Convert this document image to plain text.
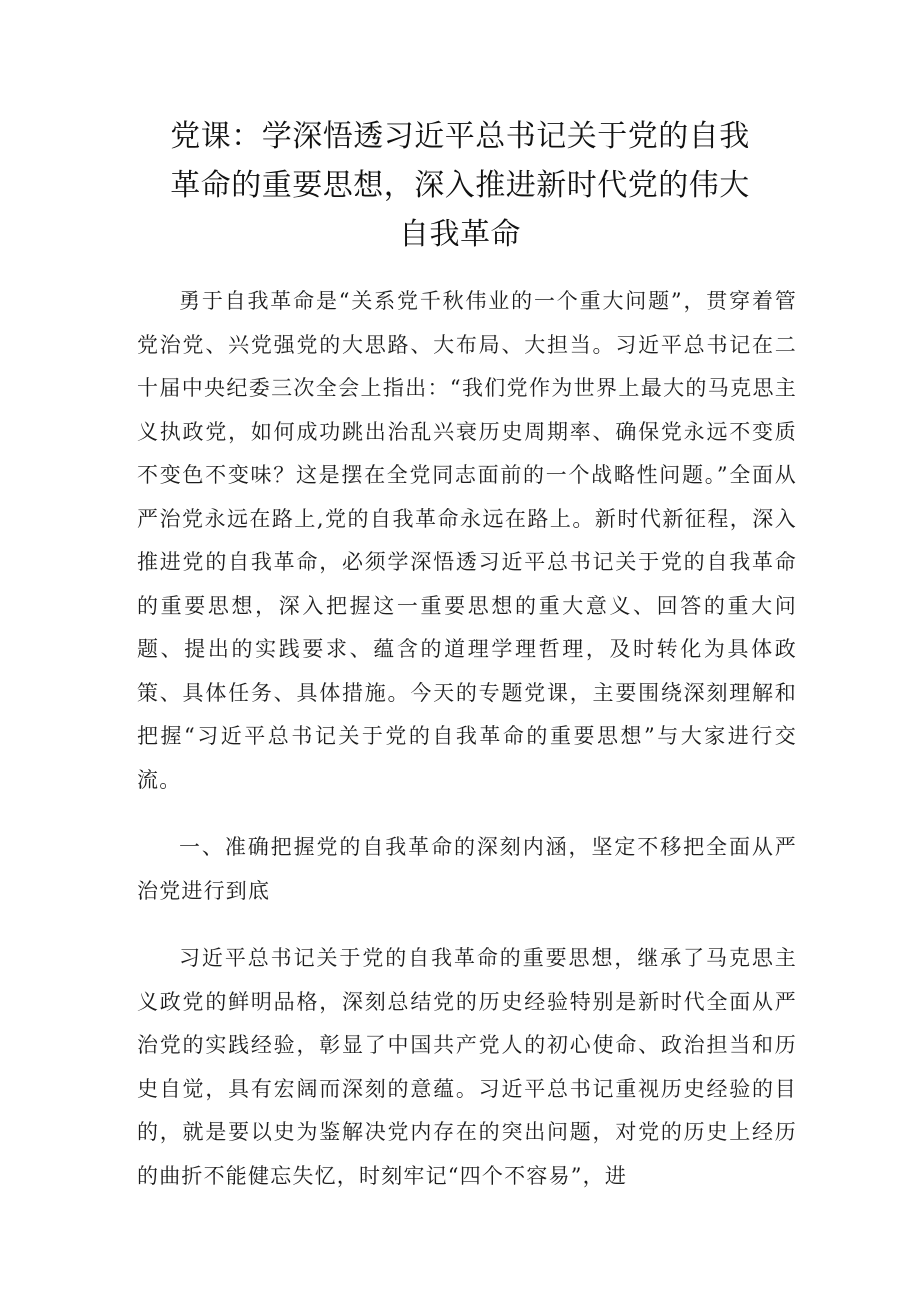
党课：学深悟透习近平总书记关于党的自我
革命的重要思想，深入推进新时代党的伟大
自我革命

勇于自我革命是“关系党千秋伟业的一个重大问题”，贯穿着管党治党、兴党强党的大思路、大布局、大担当。习近平总书记在二十届中央纪委三次全会上指出：“我们党作为世界上最大的马克思主义执政党，如何成功跳出治乱兴衰历史周期率、确保党永远不变质不变色不变味？这是摆在全党同志面前的一个战略性问题。”全面从严治党永远在路上,党的自我革命永远在路上。新时代新征程，深入推进党的自我革命，必须学深悟透习近平总书记关于党的自我革命的重要思想，深入把握这一重要思想的重大意义、回答的重大问题、提出的实践要求、蕴含的道理学理哲理，及时转化为具体政策、具体任务、具体措施。今天的专题党课，主要围绕深刻理解和把握“习近平总书记关于党的自我革命的重要思想”与大家进行交流。

一、准确把握党的自我革命的深刻内涵，坚定不移把全面从严治党进行到底

习近平总书记关于党的自我革命的重要思想，继承了马克思主义政党的鲜明品格，深刻总结党的历史经验特别是新时代全面从严治党的实践经验，彰显了中国共产党人的初心使命、政治担当和历史自觉，具有宏阔而深刻的意蕴。习近平总书记重视历史经验的目的，就是要以史为鉴解决党内存在的突出问题，对党的历史上经历的曲折不能健忘失忆，时刻牢记“四个不容易”，进
